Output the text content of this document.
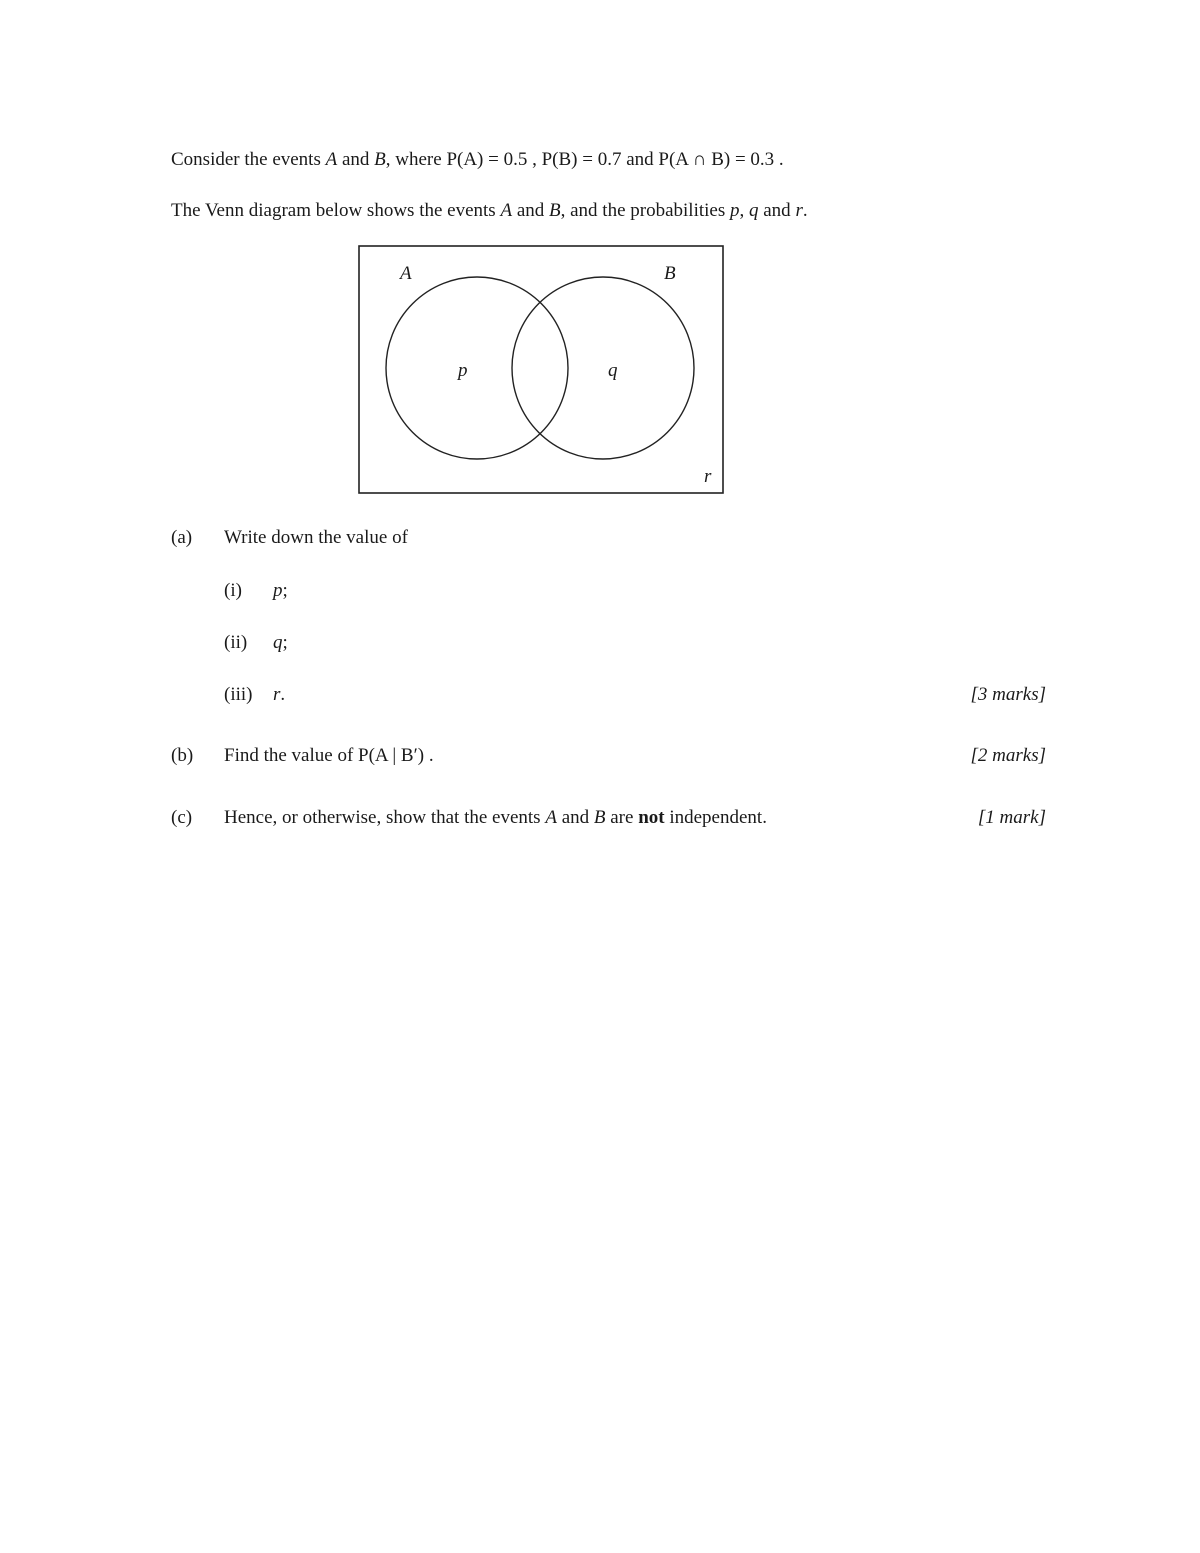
Consider the events A and B, where P(A) = 0.5 , P(B) = 0.7 and P(A ∩ B) = 0.3 .
The Venn diagram below shows the events A and B, and the probabilities p, q and r.
A	B
p	q
r
(a) Write down the value of
(i) p;
(ii) q;
(iii) r.	[3 marks]
(b) Find the value of P(A | B′) .	[2 marks]
(c) Hence, or otherwise, show that the events A and B are not independent.	[1 mark]
